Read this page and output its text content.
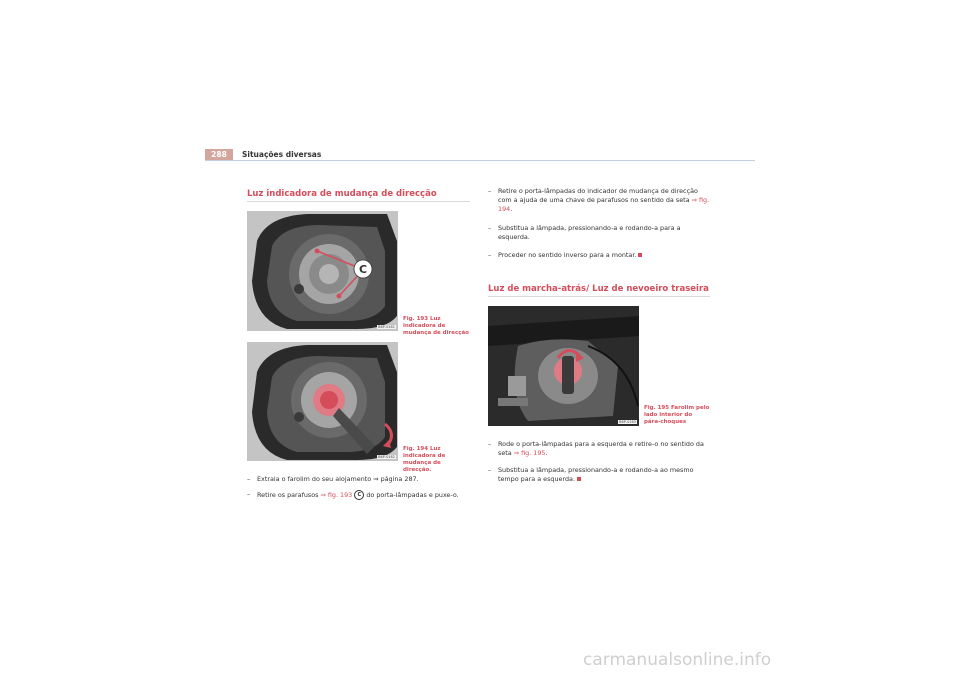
288	Situações diversas
Luz indicadora de mudança de direcção
C
B6P-0161
Fig. 193 Luz indicadora de mudança de direcção
B6P-0162
Fig. 194 Luz indicadora de mudança de direcção.
– Extraia o farolim do seu alojamento ⇒ página 287.
– Retire os parafusos ⇒ fig. 193 C do porta-lâmpadas e puxe-o.
– Retire o porta-lâmpadas do indicador de mudança de direcção com a ajuda de uma chave de parafusos no sentido da seta ⇒ fig. 194.
– Substitua a lâmpada, pressionando-a e rodando-a para a esquerda.
– Proceder no sentido inverso para a montar.
Luz de marcha-atrás/ Luz de nevoeiro traseira
B6P-0163
Fig. 195 Farolim pelo lado interior do pára-choques
– Rode o porta-lâmpadas para a esquerda e retire-o no sentido da seta ⇒ fig. 195.
– Substitua a lâmpada, pressionando-a e rodando-a ao mesmo tempo para a esquerda.
carmanualsonline.info
